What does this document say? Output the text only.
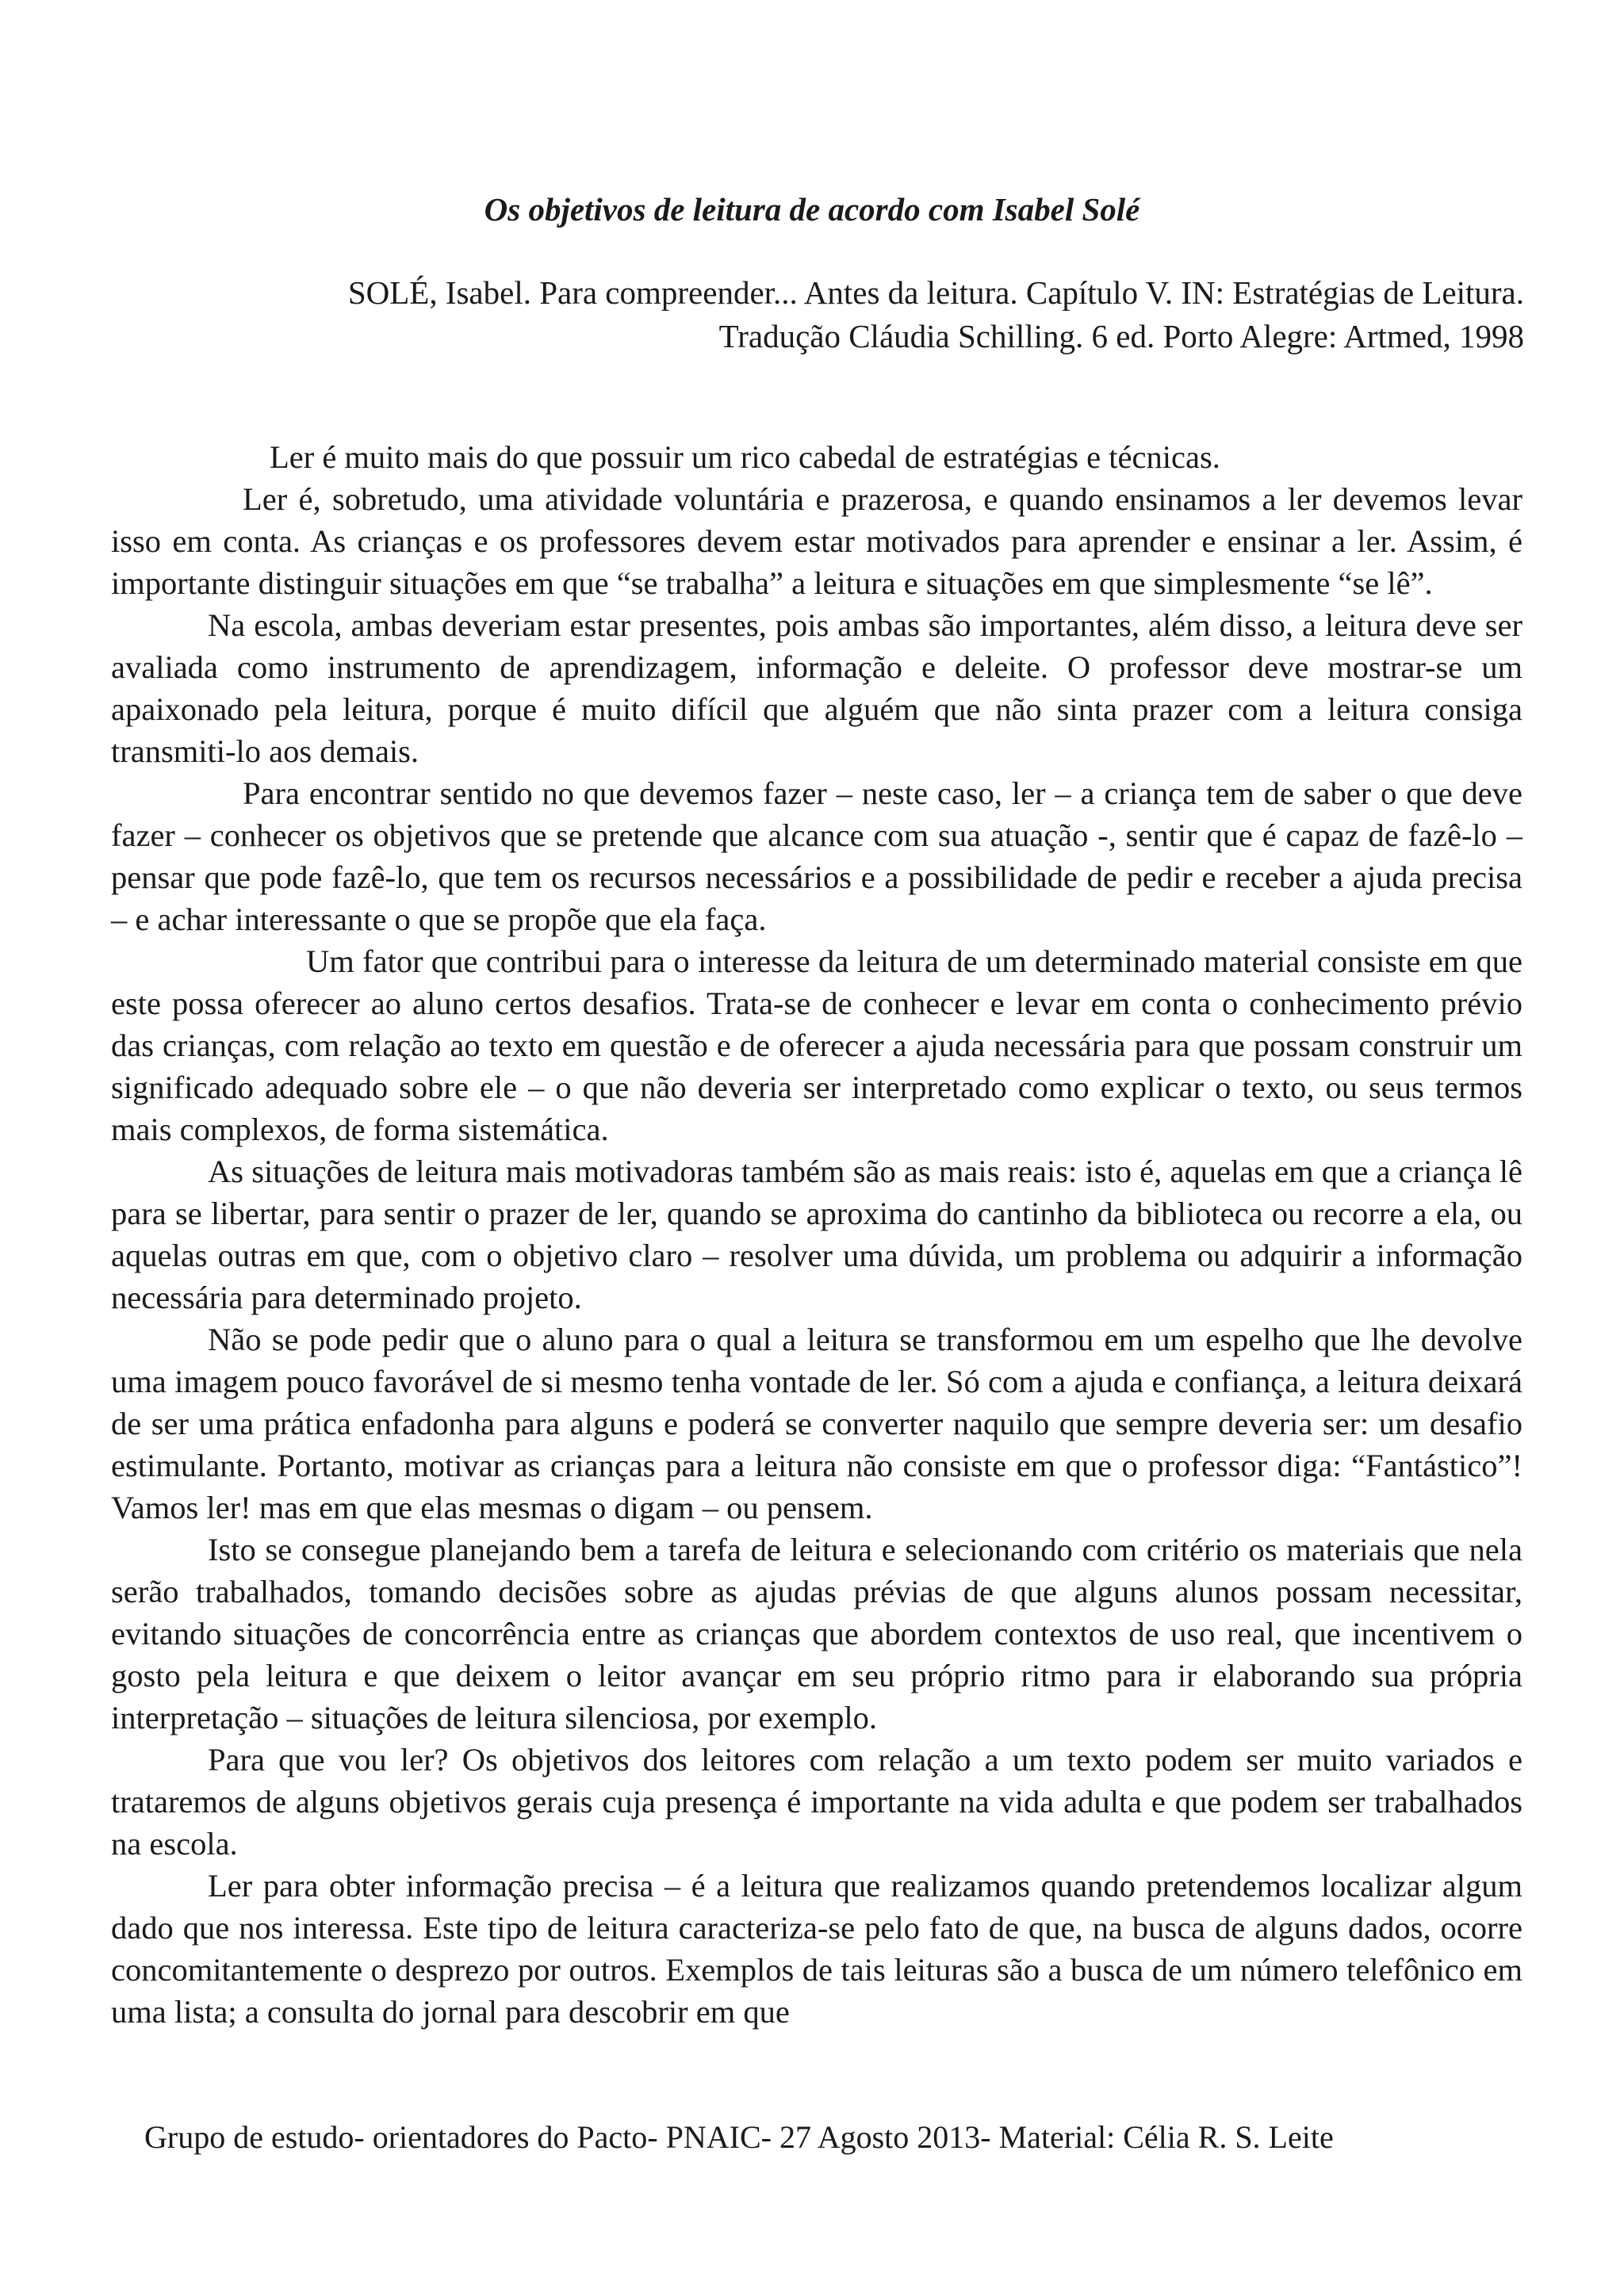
Os objetivos de leitura de acordo com Isabel Solé
SOLÉ, Isabel. Para compreender... Antes da leitura. Capítulo V. IN: Estratégias de Leitura.
Tradução Cláudia Schilling. 6 ed. Porto Alegre: Artmed, 1998

Ler é muito mais do que possuir um rico cabedal de estratégias e técnicas.

Ler é, sobretudo, uma atividade voluntária e prazerosa, e quando ensinamos a ler devemos levar isso em conta. As crianças e os professores devem estar motivados para aprender e ensinar a ler. Assim, é importante distinguir situações em que “se trabalha” a leitura e situações em que simplesmente “se lê”.

Na escola, ambas deveriam estar presentes, pois ambas são importantes, além disso, a leitura deve ser avaliada como instrumento de aprendizagem, informação e deleite. O professor deve mostrar-se um apaixonado pela leitura, porque é muito difícil que alguém que não sinta prazer com a leitura consiga transmiti-lo aos demais.

Para encontrar sentido no que devemos fazer – neste caso, ler – a criança tem de saber o que deve fazer – conhecer os objetivos que se pretende que alcance com sua atuação -, sentir que é capaz de fazê-lo – pensar que pode fazê-lo, que tem os recursos necessários e a possibilidade de pedir e receber a ajuda precisa – e achar interessante o que se propõe que ela faça.

Um fator que contribui para o interesse da leitura de um determinado material consiste em que este possa oferecer ao aluno certos desafios. Trata-se de conhecer e levar em conta o conhecimento prévio das crianças, com relação ao texto em questão e de oferecer a ajuda necessária para que possam construir um significado adequado sobre ele – o que não deveria ser interpretado como explicar o texto, ou seus termos mais complexos, de forma sistemática.

As situações de leitura mais motivadoras também são as mais reais: isto é, aquelas em que a criança lê para se libertar, para sentir o prazer de ler, quando se aproxima do cantinho da biblioteca ou recorre a ela, ou aquelas outras em que, com o objetivo claro – resolver uma dúvida, um problema ou adquirir a informação necessária para determinado projeto.

Não se pode pedir que o aluno para o qual a leitura se transformou em um espelho que lhe devolve uma imagem pouco favorável de si mesmo tenha vontade de ler. Só com a ajuda e confiança, a leitura deixará de ser uma prática enfadonha para alguns e poderá se converter naquilo que sempre deveria ser: um desafio estimulante. Portanto, motivar as crianças para a leitura não consiste em que o professor diga: “Fantástico”! Vamos ler! mas em que elas mesmas o digam – ou pensem.

Isto se consegue planejando bem a tarefa de leitura e selecionando com critério os materiais que nela serão trabalhados, tomando decisões sobre as ajudas prévias de que alguns alunos possam necessitar, evitando situações de concorrência entre as crianças que abordem contextos de uso real, que incentivem o gosto pela leitura e que deixem o leitor avançar em seu próprio ritmo para ir elaborando sua própria interpretação – situações de leitura silenciosa, por exemplo.

Para que vou ler? Os objetivos dos leitores com relação a um texto podem ser muito variados e trataremos de alguns objetivos gerais cuja presença é importante na vida adulta e que podem ser trabalhados na escola.

Ler para obter informação precisa – é a leitura que realizamos quando pretendemos localizar algum dado que nos interessa. Este tipo de leitura caracteriza-se pelo fato de que, na busca de alguns dados, ocorre concomitantemente o desprezo por outros. Exemplos de tais leituras são a busca de um número telefônico em uma lista; a consulta do jornal para descobrir em que

Grupo de estudo- orientadores do Pacto- PNAIC- 27 Agosto 2013- Material: Célia R. S. Leite
